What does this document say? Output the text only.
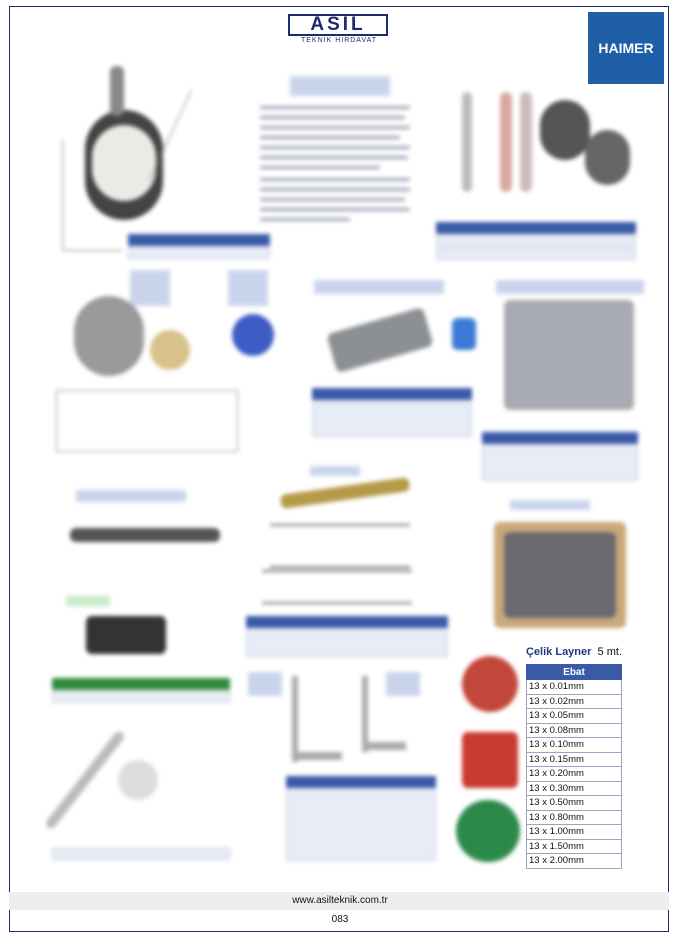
ASIL
TEKNİK HIRDAVAT	HAIMER
Çelik Layner 5 mt.
Ebat
13 x 0.01mm
13 x 0.02mm
13 x 0.05mm
13 x 0.08mm
13 x 0.10mm
13 x 0.15mm
13 x 0.20mm
13 x 0.30mm
13 x 0.50mm
13 x 0.80mm
13 x 1.00mm
13 x 1.50mm
13 x 2.00mm
www.asilteknik.com.tr
083
